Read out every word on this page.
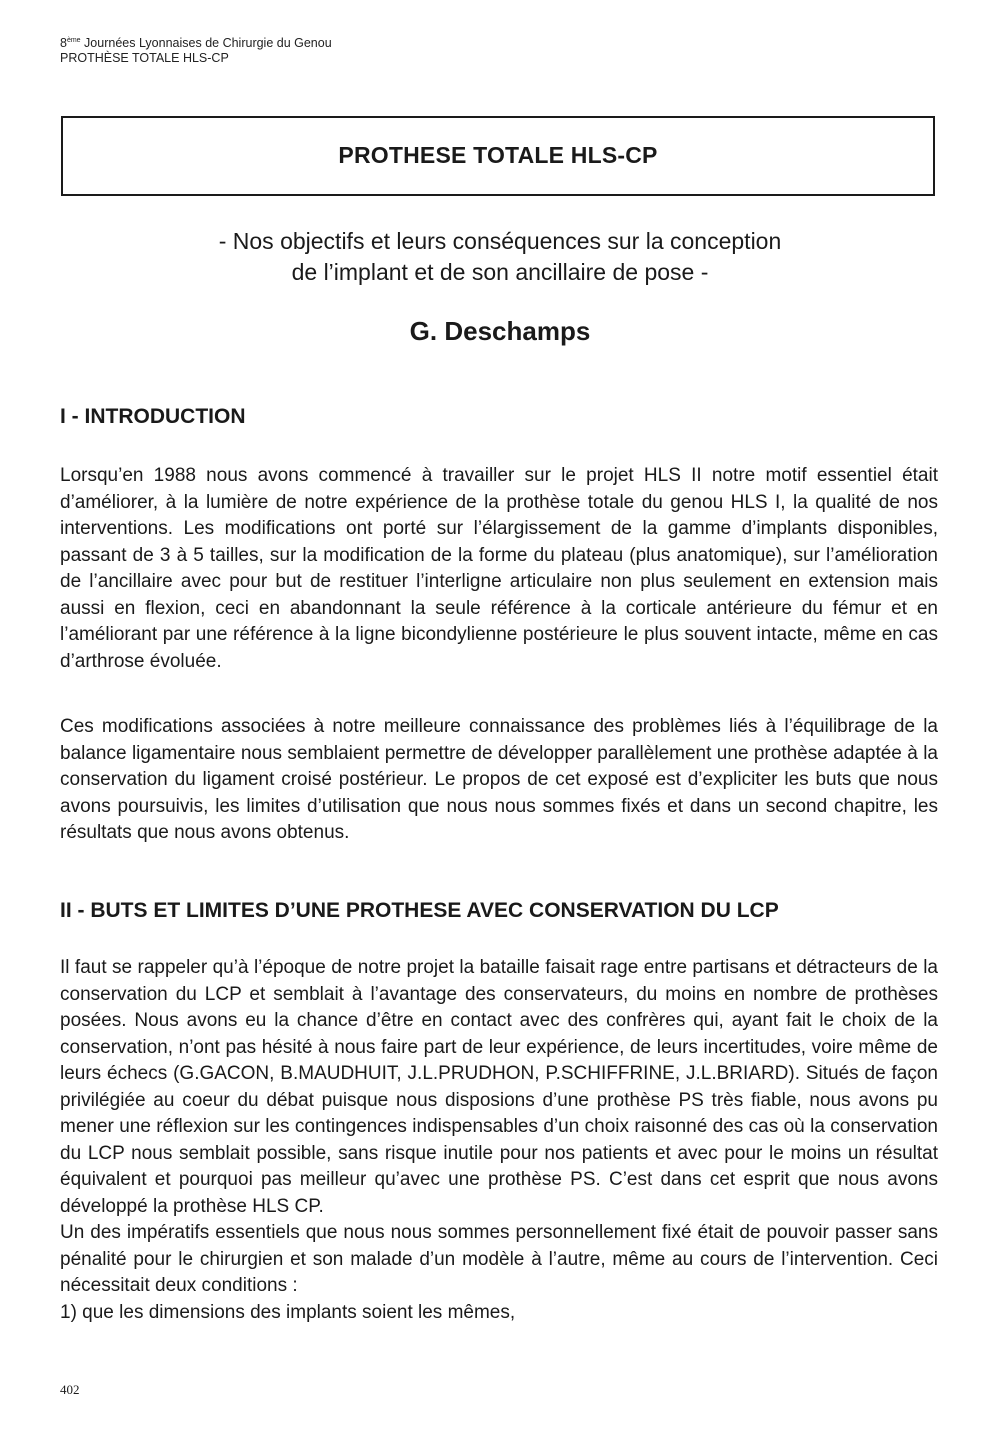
8ème Journées Lyonnaises de Chirurgie du Genou
PROTHÈSE TOTALE HLS-CP
PROTHESE TOTALE HLS-CP
- Nos objectifs et leurs conséquences sur la conception
de l’implant et de son ancillaire de pose -
G. Deschamps
I - INTRODUCTION

Lorsqu’en 1988 nous avons commencé à travailler sur le projet HLS II notre motif essentiel était d’améliorer, à la lumière de notre expérience de la prothèse totale du genou HLS I, la qualité de nos interventions. Les modifications ont porté sur l’élargissement de la gamme d’implants disponibles, passant de 3 à 5 tailles, sur la modification de la forme du plateau (plus anatomique), sur l’amélioration de l’ancillaire avec pour but de restituer l’interligne articulaire non plus seulement en extension mais aussi en flexion, ceci en abandonnant la seule référence à la corticale antérieure du fémur et en l’améliorant par une référence à la ligne bicondylienne postérieure le plus souvent intacte, même en cas d’arthrose évoluée.

Ces modifications associées à notre meilleure connaissance des problèmes liés à l’équilibrage de la balance ligamentaire nous semblaient permettre de développer parallèlement une prothèse adaptée à la conservation du ligament croisé postérieur. Le propos de cet exposé est d’expliciter les buts que nous avons poursuivis, les limites d’utilisation que nous nous sommes fixés et dans un second chapitre, les résultats que nous avons obtenus.

II - BUTS ET LIMITES D’UNE PROTHESE AVEC CONSERVATION DU LCP

Il faut se rappeler qu’à l’époque de notre projet la bataille faisait rage entre partisans et détracteurs de la conservation du LCP et semblait à l’avantage des conservateurs, du moins en nombre de prothèses posées. Nous avons eu la chance d’être en contact avec des confrères qui, ayant fait le choix de la conservation, n’ont pas hésité à nous faire part de leur expérience, de leurs incertitudes, voire même de leurs échecs (G.GACON, B.MAUDHUIT, J.L.PRUDHON, P.SCHIFFRINE, J.L.BRIARD). Situés de façon privilégiée au coeur du débat puisque nous disposions d’une prothèse PS très fiable, nous avons pu mener une réflexion sur les contingences indispensables d’un choix raisonné des cas où la conservation du LCP nous semblait possible, sans risque inutile pour nos patients et avec pour le moins un résultat équivalent et pourquoi pas meilleur qu’avec une prothèse PS. C’est dans cet esprit que nous avons développé la prothèse HLS CP.

Un des impératifs essentiels que nous nous sommes personnellement fixé était de pouvoir passer sans pénalité pour le chirurgien et son malade d’un modèle à l’autre, même au cours de l’intervention. Ceci nécessitait deux conditions :

1) que les dimensions des implants soient les mêmes,

402
